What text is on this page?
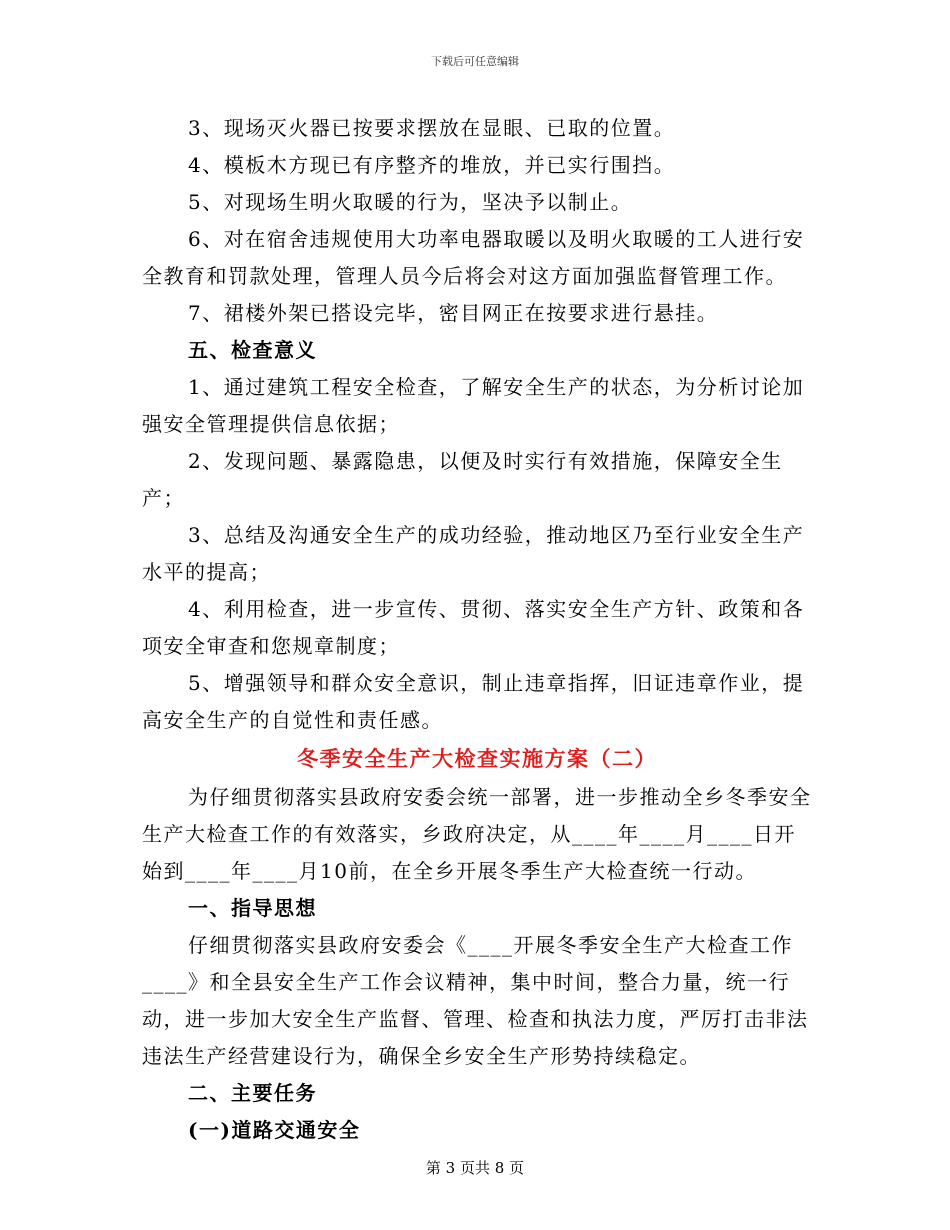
下载后可任意编辑

3、现场灭火器已按要求摆放在显眼、已取的位置。

4、模板木方现已有序整齐的堆放，并已实行围挡。

5、对现场生明火取暖的行为，坚决予以制止。

6、对在宿舍违规使用大功率电器取暖以及明火取暖的工人进行安全教育和罚款处理，管理人员今后将会对这方面加强监督管理工作。

7、裙楼外架已搭设完毕，密目网正在按要求进行悬挂。

五、检查意义

1、通过建筑工程安全检查，了解安全生产的状态，为分析讨论加强安全管理提供信息依据；

2、发现问题、暴露隐患，以便及时实行有效措施，保障安全生产；

3、总结及沟通安全生产的成功经验，推动地区乃至行业安全生产水平的提高；

4、利用检查，进一步宣传、贯彻、落实安全生产方针、政策和各项安全审查和您规章制度；

5、增强领导和群众安全意识，制止违章指挥，旧证违章作业，提高安全生产的自觉性和责任感。

冬季安全生产大检查实施方案（二）

为仔细贯彻落实县政府安委会统一部署，进一步推动全乡冬季安全生产大检查工作的有效落实，乡政府决定，从____年____月____日开始到____年____月10前，在全乡开展冬季生产大检查统一行动。

一、指导思想

仔细贯彻落实县政府安委会《____开展冬季安全生产大检查工作____》和全县安全生产工作会议精神，集中时间，整合力量，统一行动，进一步加大安全生产监督、管理、检查和执法力度，严厉打击非法违法生产经营建设行为，确保全乡安全生产形势持续稳定。

二、主要任务

(一)道路交通安全

第 3 页共 8 页
